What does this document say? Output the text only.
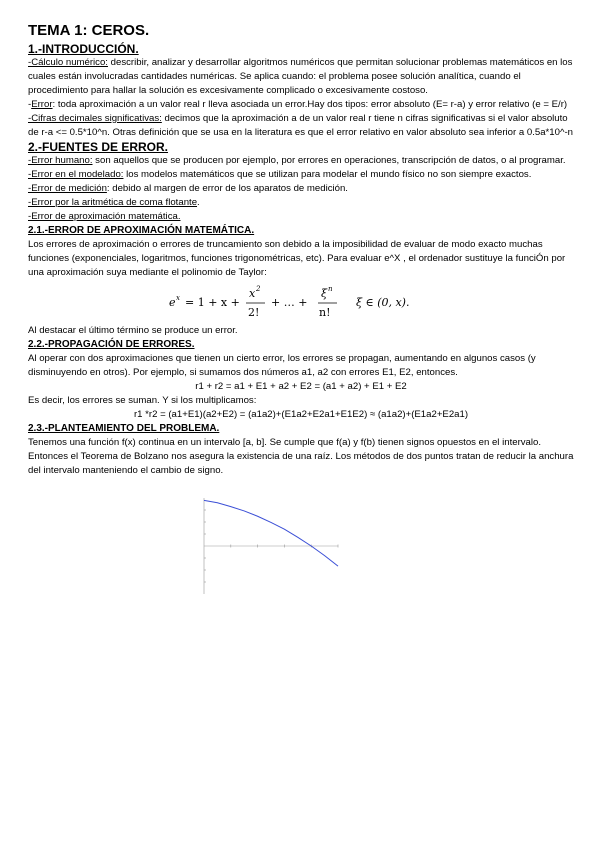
TEMA 1: CEROS.
1.-INTRODUCCIÓN.

-Cálculo numérico: describir, analizar y desarrollar algoritmos numéricos que permitan solucionar problemas matemáticos en los cuales están involucradas cantidades numéricas. Se aplica cuando: el problema posee solución analítica, cuando el procedimiento para hallar la solución es excesivamente complicado o excesivamente costoso.

-Error: toda aproximación a un valor real r lleva asociada un error.Hay dos tipos: error absoluto (E= r-a) y error relativo (e = E/r)

-Cifras decimales significativas: decimos que la aproximación a de un valor real r tiene n cifras significativas si el valor absoluto de r-a <= 0.5*10^n. Otras definición que se usa en la literatura es que el error relativo en valor absoluto sea inferior a 0.5a*10^-n

2.-FUENTES DE ERROR.

-Error humano: son aquellos que se producen por ejemplo, por errores en operaciones, transcripción de datos, o al programar.

-Error en el modelado: los modelos matemáticos que se utilizan para modelar el mundo físico no son siempre exactos.

-Error de medición: debido al margen de error de los aparatos de medición.

-Error por la aritmética de coma flotante.

-Error de aproximación matemática.

2.1.-ERROR DE APROXIMACIÓN MATEMÁTICA.

Los errores de aproximación o errores de truncamiento son debido a la imposibilidad de evaluar de modo exacto muchas funciones (exponenciales, logaritmos, funciones trigonométricas, etc). Para evaluar e^X , el ordenador sustituye la funciÓn por una aproximación suya mediante el polinomio de Taylor:

e x = 1 + x +
x 2
2!
+ … +
ξ n
n!
ξ ∈ (0, x).

Al destacar el último término se produce un error.

2.2.-PROPAGACIÓN DE ERRORES.

Al operar con dos aproximaciones que tienen un cierto error, los errores se propagan, aumentando en algunos casos (y disminuyendo en otros). Por ejemplo, si sumamos dos números a1, a2 con errores E1, E2, entonces.

r1 + r2 = a1 + E1 + a2 + E2 = (a1 + a2) + E1 + E2

Es decir, los errores se suman. Y si los multiplicamos:

r1 *r2 = (a1+E1)(a2+E2) = (a1a2)+(E1a2+E2a1+E1E2) ≈ (a1a2)+(E1a2+E2a1)

2.3.-PLANTEAMIENTO DEL PROBLEMA.

Tenemos una función f(x) continua en un intervalo [a, b]. Se cumple que f(a) y f(b) tienen signos opuestos en el intervalo. Entonces el Teorema de Bolzano nos asegura la existencia de una raíz. Los métodos de dos puntos tratan de reducir la anchura del intervalo manteniendo el cambio de signo.
